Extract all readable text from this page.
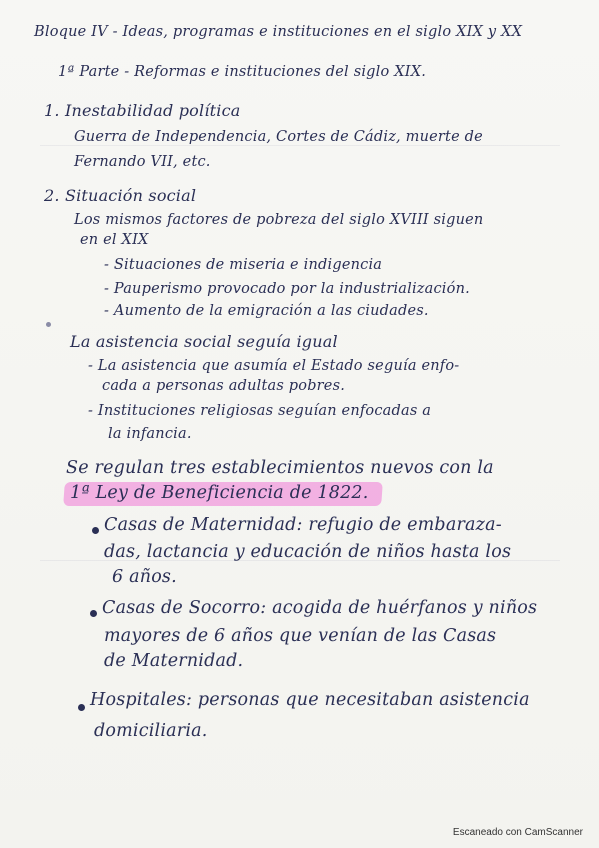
Bloque IV - Ideas, programas e instituciones en el siglo XIX y XX
1ª Parte - Reformas e instituciones del siglo XIX.
1. Inestabilidad política
Guerra de Independencia, Cortes de Cádiz, muerte de
Fernando VII, etc.
2. Situación social
Los mismos factores de pobreza del siglo XVIII siguen
en el XIX
- Situaciones de miseria e indigencia
- Pauperismo provocado por la industrialización.
- Aumento de la emigración a las ciudades.
La asistencia social seguía igual
- La asistencia que asumía el Estado seguía enfo-
cada a personas adultas pobres.
- Instituciones religiosas seguían enfocadas a
la infancia.
Se regulan tres establecimientos nuevos con la
1ª Ley de Beneficiencia de 1822.
Casas de Maternidad: refugio de embaraza-
das, lactancia y educación de niños hasta los
6 años.
Casas de Socorro: acogida de huérfanos y niños
mayores de 6 años que venían de las Casas
de Maternidad.
Hospitales: personas que necesitaban asistencia
domiciliaria.
Escaneado con CamScanner
